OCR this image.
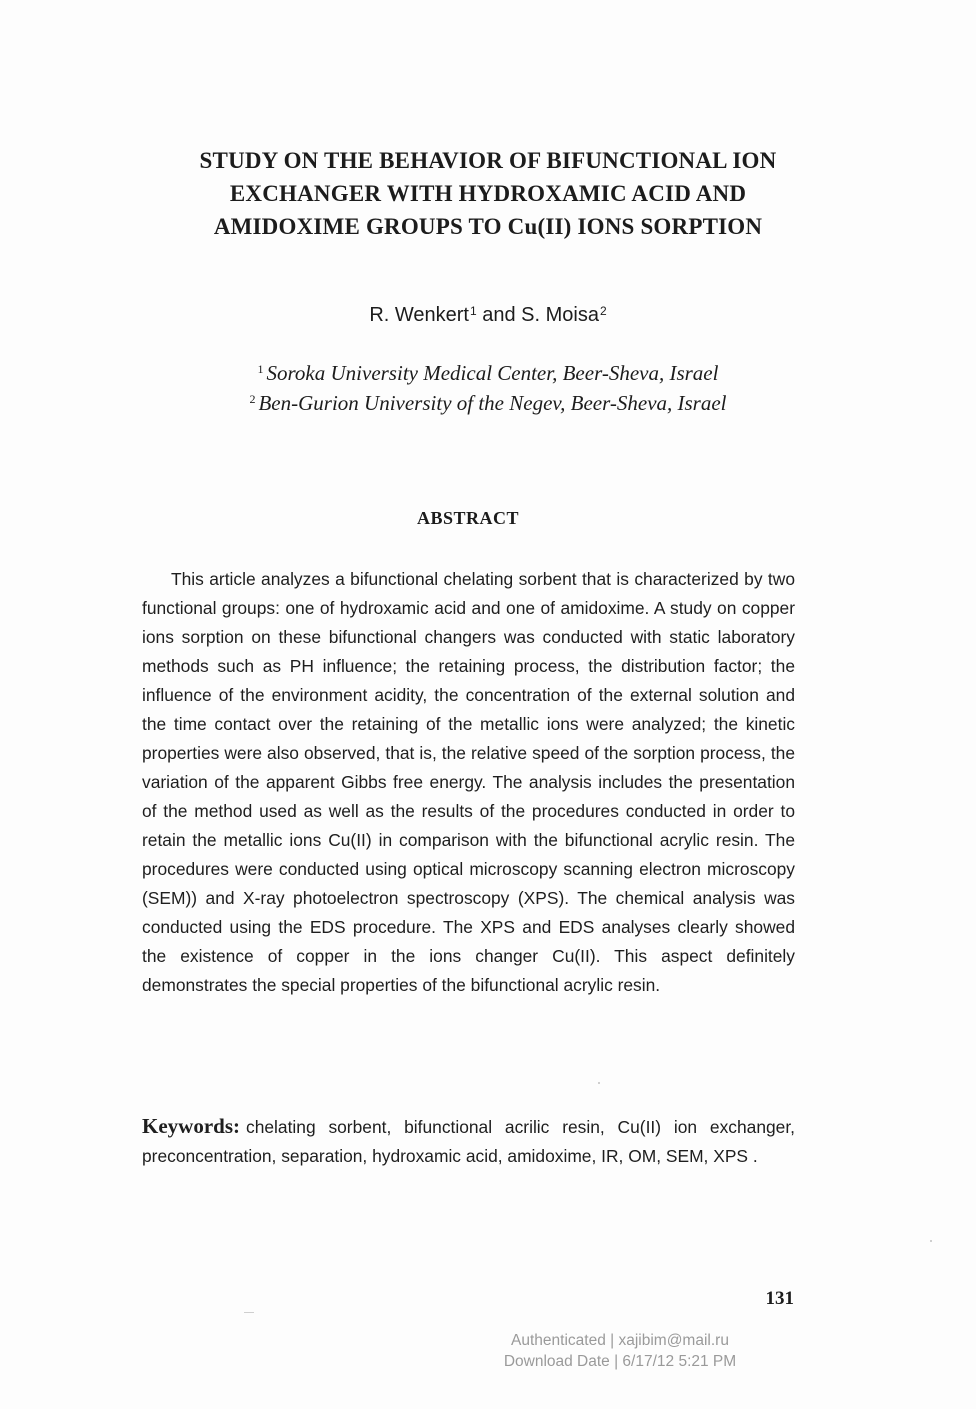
STUDY ON THE BEHAVIOR OF BIFUNCTIONAL ION
EXCHANGER WITH HYDROXAMIC ACID AND
AMIDOXIME GROUPS TO Cu(II) IONS SORPTION
R. Wenkert$^1$ and S. Moisa$^2$
$^1$ Soroka University Medical Center, Beer-Sheva, Israel
$^2$ Ben-Gurion University of the Negev, Beer-Sheva, Israel
ABSTRACT

This article analyzes a bifunctional chelating sorbent that is characterized by two functional groups: one of hydroxamic acid and one of amidoxime. A study on copper ions sorption on these bifunctional changers was conducted with static laboratory methods such as PH influence; the retaining process, the distribution factor; the influence of the environment acidity, the concentration of the external solution and the time contact over the retaining of the metallic ions were analyzed; the kinetic properties were also observed, that is, the relative speed of the sorption process, the variation of the apparent Gibbs free energy. The analysis includes the presentation of the method used as well as the results of the procedures conducted in order to retain the metallic ions Cu(II) in comparison with the bifunctional acrylic resin. The procedures were conducted using optical microscopy scanning electron microscopy (SEM)) and X-ray photoelectron spectroscopy (XPS). The chemical analysis was conducted using the EDS procedure. The XPS and EDS analyses clearly showed the existence of copper in the ions changer Cu(II). This aspect definitely demonstrates the special properties of the bifunctional acrylic resin.

Keywords: chelating sorbent, bifunctional acrilic resin, Cu(II) ion exchanger, preconcentration, separation, hydroxamic acid, amidoxime, IR, OM, SEM, XPS .

131
Authenticated | xajibim@mail.ru
Download Date | 6/17/12 5:21 PM
